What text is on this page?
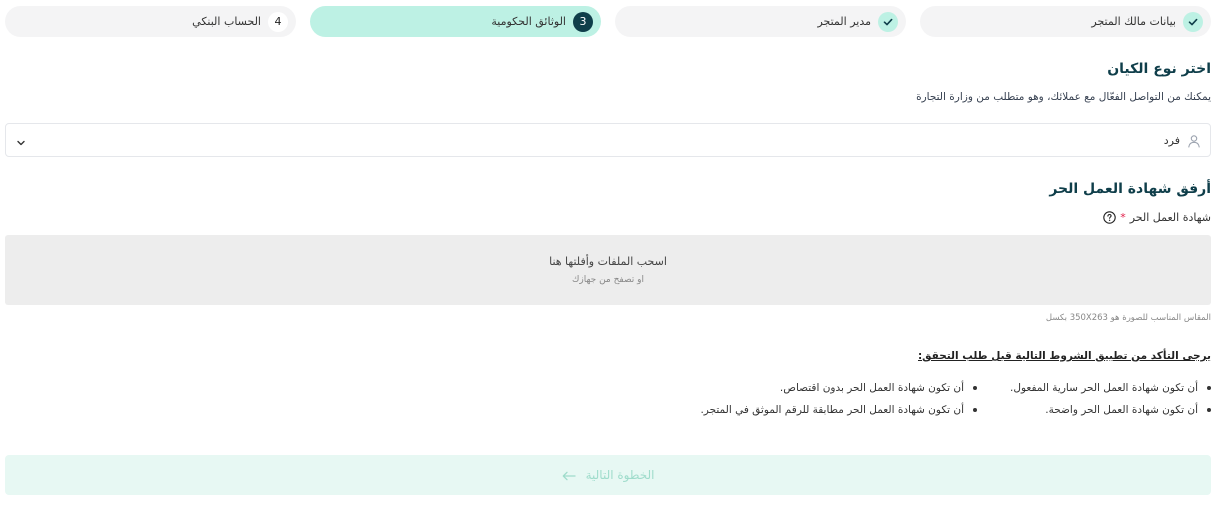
بيانات مالك المتجر
مدير المتجر
3
الوثائق الحكومية
4
الحساب البنكي
اختر نوع الكيان
يمكنك من التواصل الفعّال مع عملائك، وهو متطلب من وزارة التجارة
فرد
أرفق شهادة العمل الحر
شهادة العمل الحر
*
اسحب الملفات وأفلتها هنا
او تصفح من جهازك
المقاس المناسب للصورة هو 350X263 بكسل
يرجى التأكد من تطبيق الشروط التالية قبل طلب التحقق:
أن تكون شهادة العمل الحر سارية المفعول.
أن تكون شهادة العمل الحر واضحة.
أن تكون شهادة العمل الحر بدون اقتصاص.
أن تكون شهادة العمل الحر مطابقة للرقم الموثق في المتجر.
الخطوة التالية
